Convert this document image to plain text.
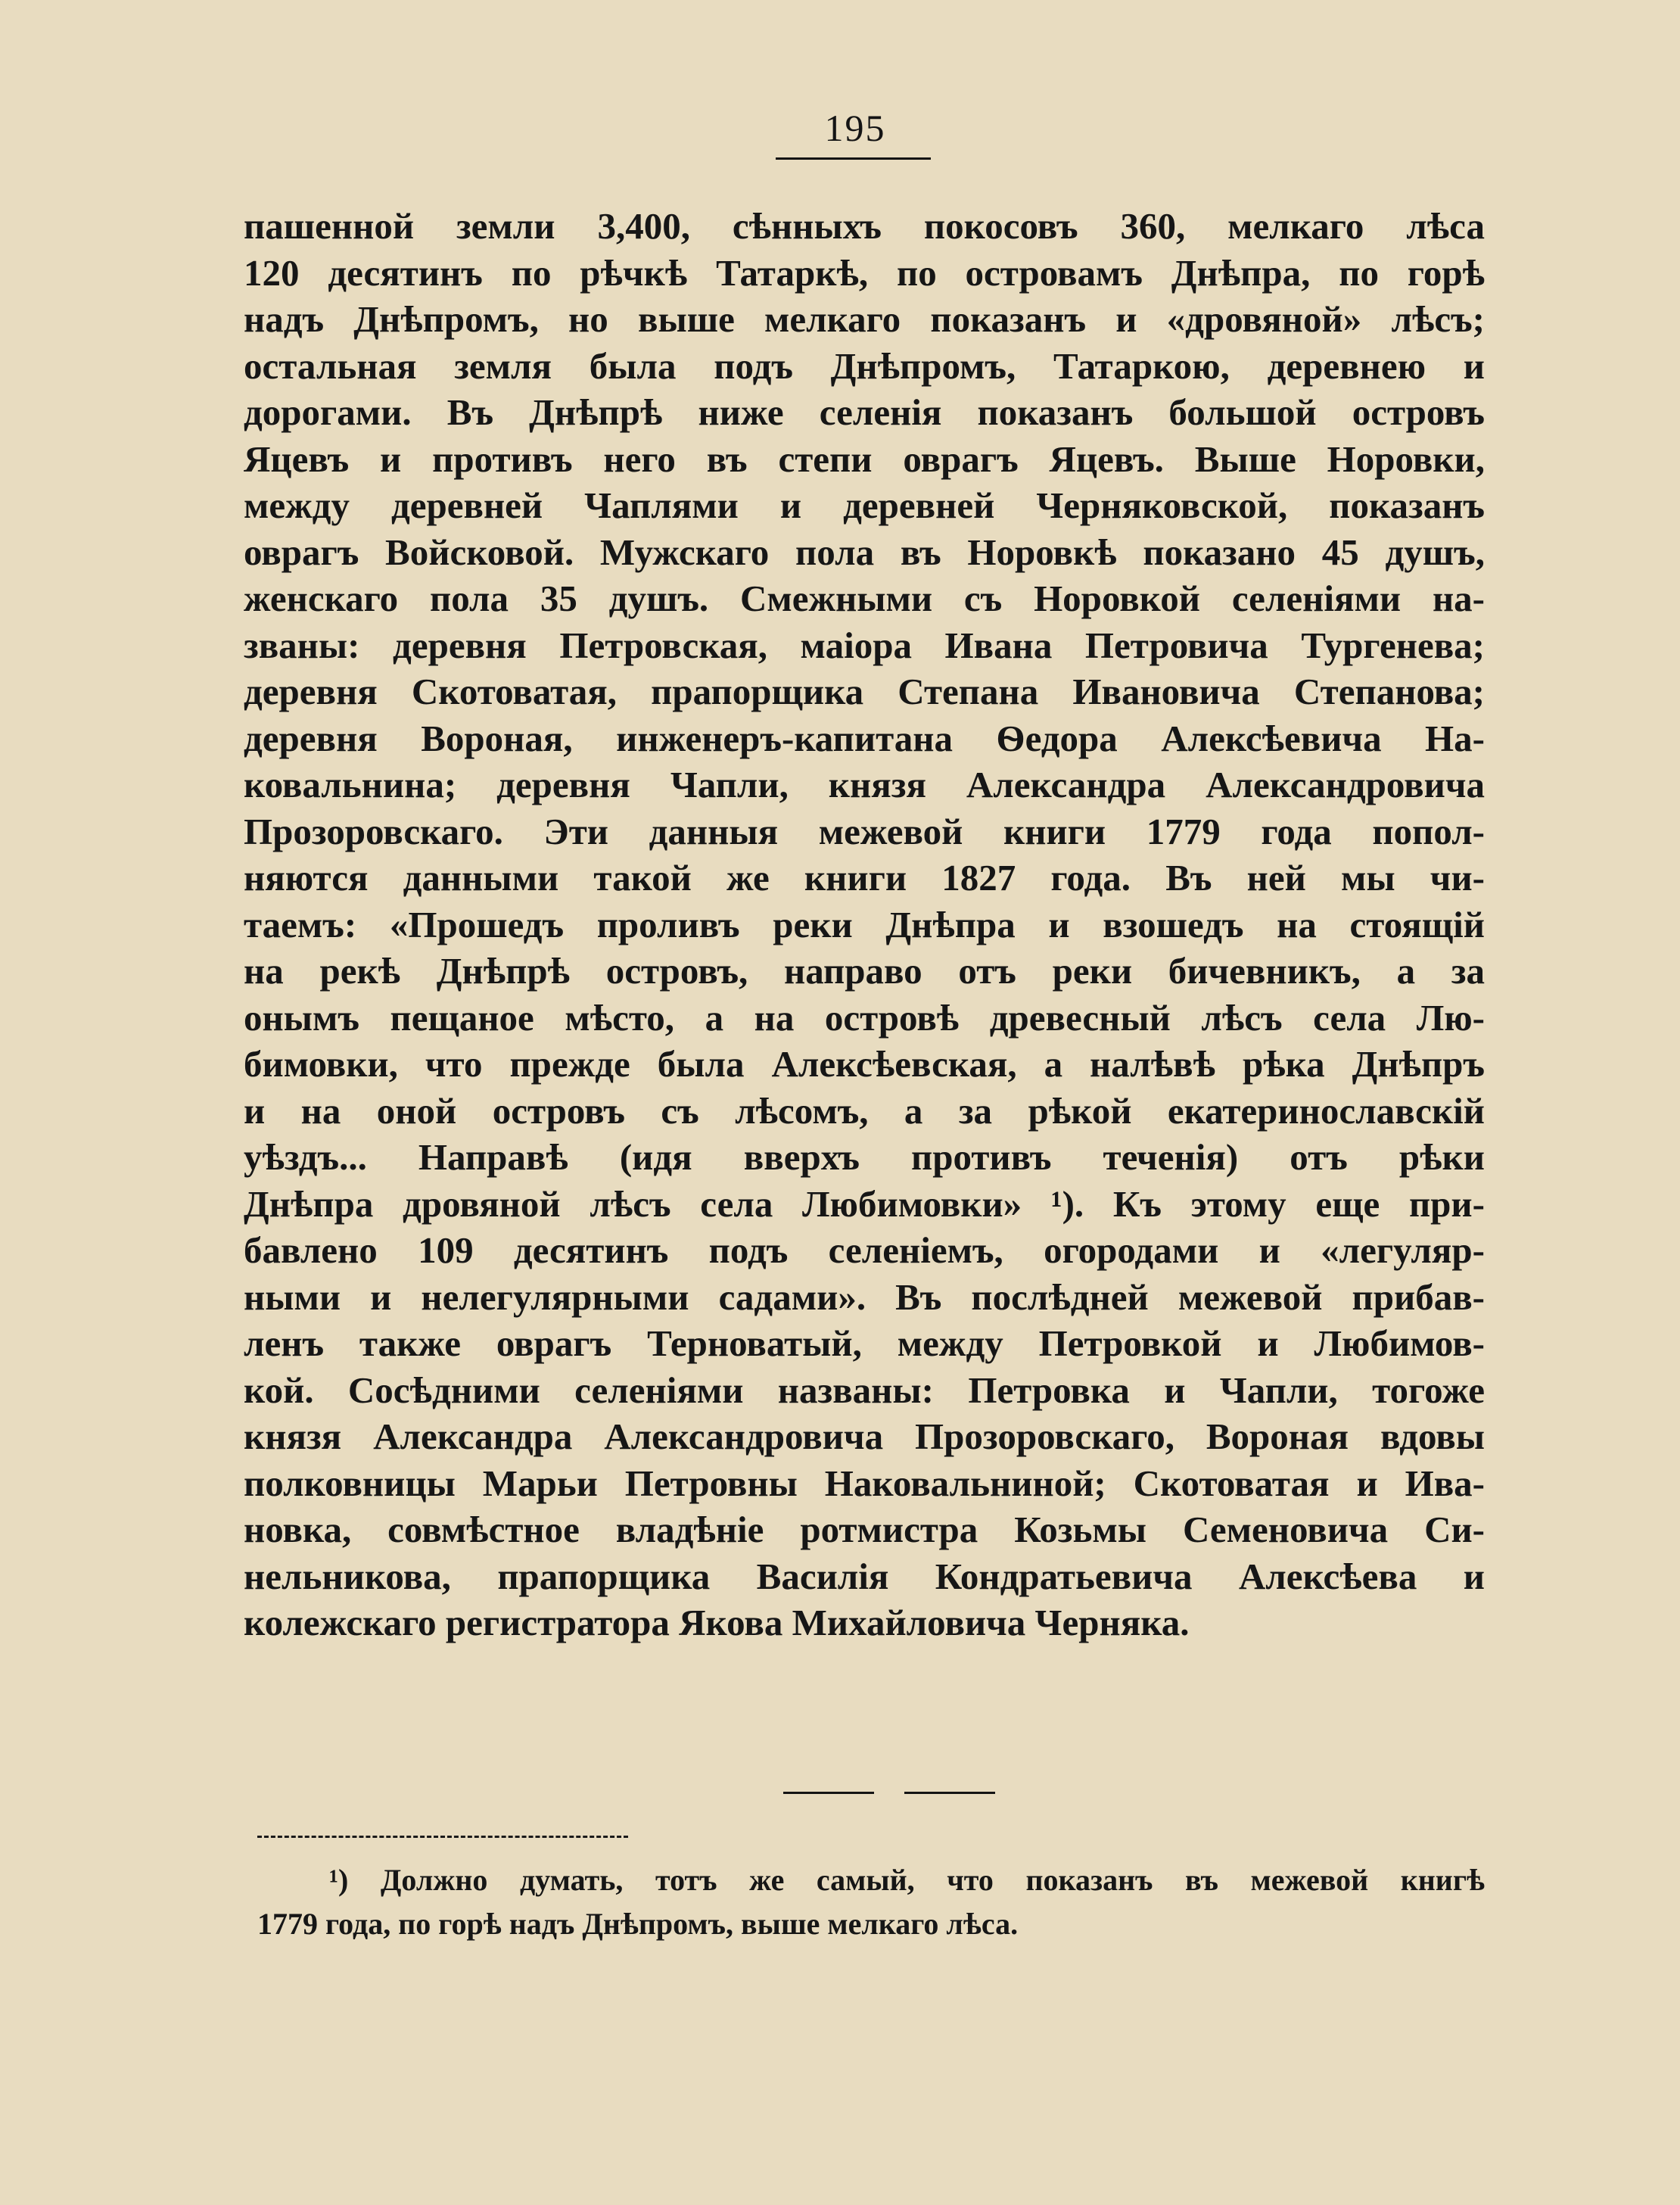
195
пашенной земли 3,400, сѣнныхъ покосовъ 360, мелкаго лѣса
120 десятинъ по рѣчкѣ Татаркѣ, по островамъ Днѣпра, по горѣ
надъ Днѣпромъ, но выше мелкаго показанъ и «дровяной» лѣсъ;
остальная земля была подъ Днѣпромъ, Татаркою, деревнею и
дорогами. Въ Днѣпрѣ ниже селенія показанъ большой островъ
Яцевъ и противъ него въ степи оврагъ Яцевъ. Выше Норовки,
между деревней Чаплями и деревней Черняковской, показанъ
оврагъ Войсковой. Мужскаго пола въ Норовкѣ показано 45 душъ,
женскаго пола 35 душъ. Смежными съ Норовкой селеніями на-
званы: деревня Петровская, маіора Ивана Петровича Тургенева;
деревня Скотоватая, прапорщика Степана Ивановича Степанова;
деревня Вороная, инженеръ-капитана Ѳедора Алексѣевича На-
ковальнина; деревня Чапли, князя Александра Александровича
Прозоровскаго. Эти данныя межевой книги 1779 года попол-
няются данными такой же книги 1827 года. Въ ней мы чи-
таемъ: «Прошедъ проливъ реки Днѣпра и взошедъ на стоящій
на рекѣ Днѣпрѣ островъ, направо отъ реки бичевникъ, а за
онымъ пещаное мѣсто, а на островѣ древесный лѣсъ села Лю-
бимовки, что прежде была Алексѣевская, а налѣвѣ рѣка Днѣпръ
и на оной островъ съ лѣсомъ, а за рѣкой екатеринославскій
уѣздъ... Направѣ (идя вверхъ противъ теченія) отъ рѣки
Днѣпра дровяной лѣсъ села Любимовки» ¹). Къ этому еще при-
бавлено 109 десятинъ подъ селеніемъ, огородами и «легуляр-
ными и нелегулярными садами». Въ послѣдней межевой прибав-
ленъ также оврагъ Терноватый, между Петровкой и Любимов-
кой. Сосѣдними селеніями названы: Петровка и Чапли, тогоже
князя Александра Александровича Прозоровскаго, Вороная вдовы
полковницы Марьи Петровны Наковальниной; Скотоватая и Ива-
новка, совмѣстное владѣніе ротмистра Козьмы Семеновича Си-
нельникова, прапорщика Василія Кондратьевича Алексѣева и
колежскаго регистратора Якова Михайловича Черняка.
¹) Должно думать, тотъ же самый, что показанъ въ межевой книгѣ
1779 года, по горѣ надъ Днѣпромъ, выше мелкаго лѣса.
